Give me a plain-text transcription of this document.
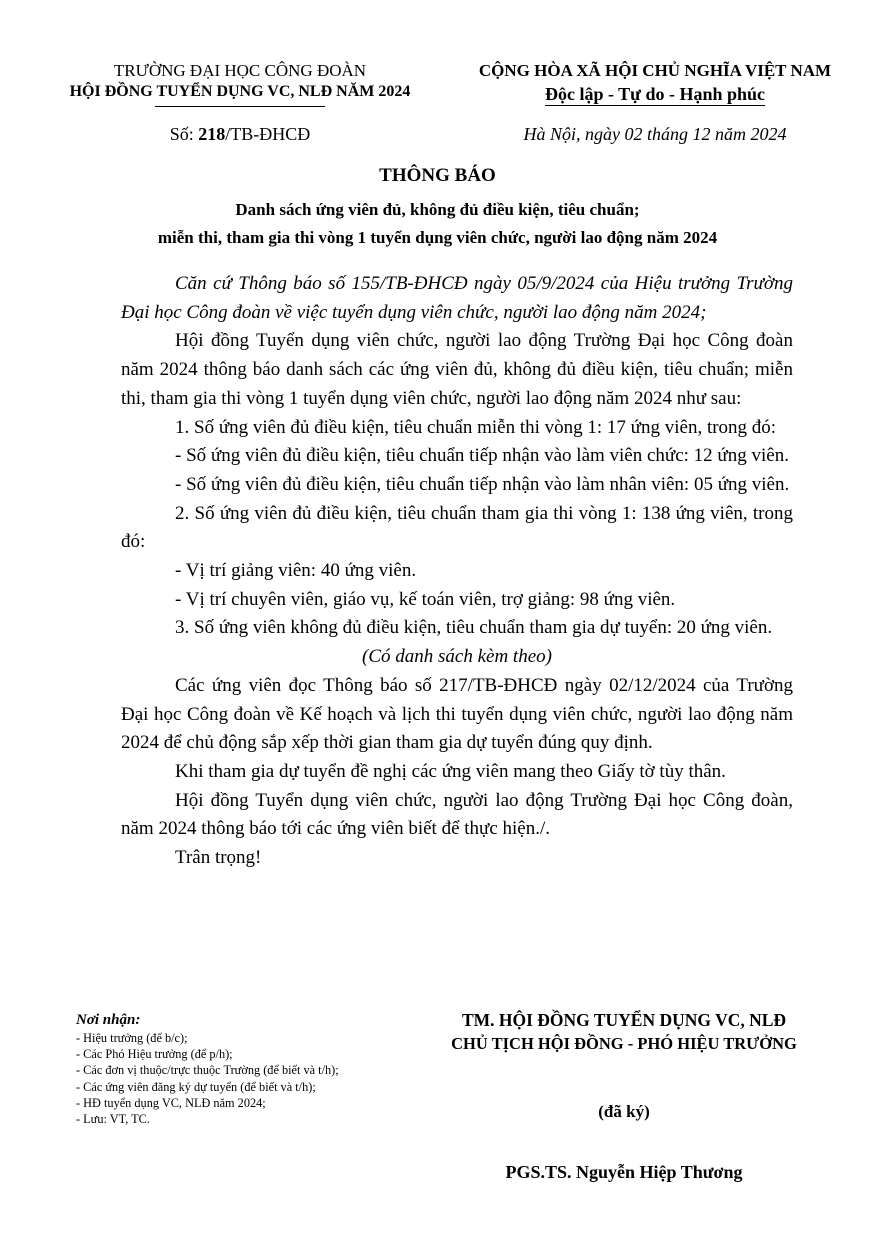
TRƯỜNG ĐẠI HỌC CÔNG ĐOÀN
HỘI ĐỒNG TUYỂN DỤNG VC, NLĐ NĂM 2024
CỘNG HÒA XÃ HỘI CHỦ NGHĨA VIỆT NAM
Độc lập - Tự do - Hạnh phúc
Số: 218/TB-ĐHCĐ	Hà Nội, ngày 02 tháng 12 năm 2024
THÔNG BÁO
Danh sách ứng viên đủ, không đủ điều kiện, tiêu chuẩn;
miễn thi, tham gia thi vòng 1 tuyển dụng viên chức, người lao động năm 2024

Căn cứ Thông báo số 155/TB-ĐHCĐ ngày 05/9/2024 của Hiệu trưởng Trường Đại học Công đoàn về việc tuyển dụng viên chức, người lao động năm 2024;

Hội đồng Tuyển dụng viên chức, người lao động Trường Đại học Công đoàn năm 2024 thông báo danh sách các ứng viên đủ, không đủ điều kiện, tiêu chuẩn; miễn thi, tham gia thi vòng 1 tuyển dụng viên chức, người lao động năm 2024 như sau:

1. Số ứng viên đủ điều kiện, tiêu chuẩn miễn thi vòng 1: 17 ứng viên, trong đó:

- Số ứng viên đủ điều kiện, tiêu chuẩn tiếp nhận vào làm viên chức: 12 ứng viên.

- Số ứng viên đủ điều kiện, tiêu chuẩn tiếp nhận vào làm nhân viên: 05 ứng viên.

2. Số ứng viên đủ điều kiện, tiêu chuẩn tham gia thi vòng 1: 138 ứng viên, trong đó:

- Vị trí giảng viên: 40 ứng viên.

- Vị trí chuyên viên, giáo vụ, kế toán viên, trợ giảng: 98 ứng viên.

3. Số ứng viên không đủ điều kiện, tiêu chuẩn tham gia dự tuyển: 20 ứng viên.

(Có danh sách kèm theo)

Các ứng viên đọc Thông báo số 217/TB-ĐHCĐ ngày 02/12/2024 của Trường Đại học Công đoàn về Kế hoạch và lịch thi tuyển dụng viên chức, người lao động năm 2024 để chủ động sắp xếp thời gian tham gia dự tuyển đúng quy định.

Khi tham gia dự tuyển đề nghị các ứng viên mang theo Giấy tờ tùy thân.

Hội đồng Tuyển dụng viên chức, người lao động Trường Đại học Công đoàn, năm 2024 thông báo tới các ứng viên biết để thực hiện./.

Trân trọng!

Nơi nhận:
- Hiệu trưởng (để b/c);
- Các Phó Hiệu trưởng (để p/h);
- Các đơn vị thuộc/trực thuộc Trường (để biết và t/h);
- Các ứng viên đăng ký dự tuyển (để biết và t/h);
- HĐ tuyển dụng VC, NLĐ năm 2024;
- Lưu: VT, TC.
TM. HỘI ĐỒNG TUYỂN DỤNG VC, NLĐ
CHỦ TỊCH HỘI ĐỒNG - PHÓ HIỆU TRƯỞNG
(đã ký)
PGS.TS. Nguyễn Hiệp Thương
